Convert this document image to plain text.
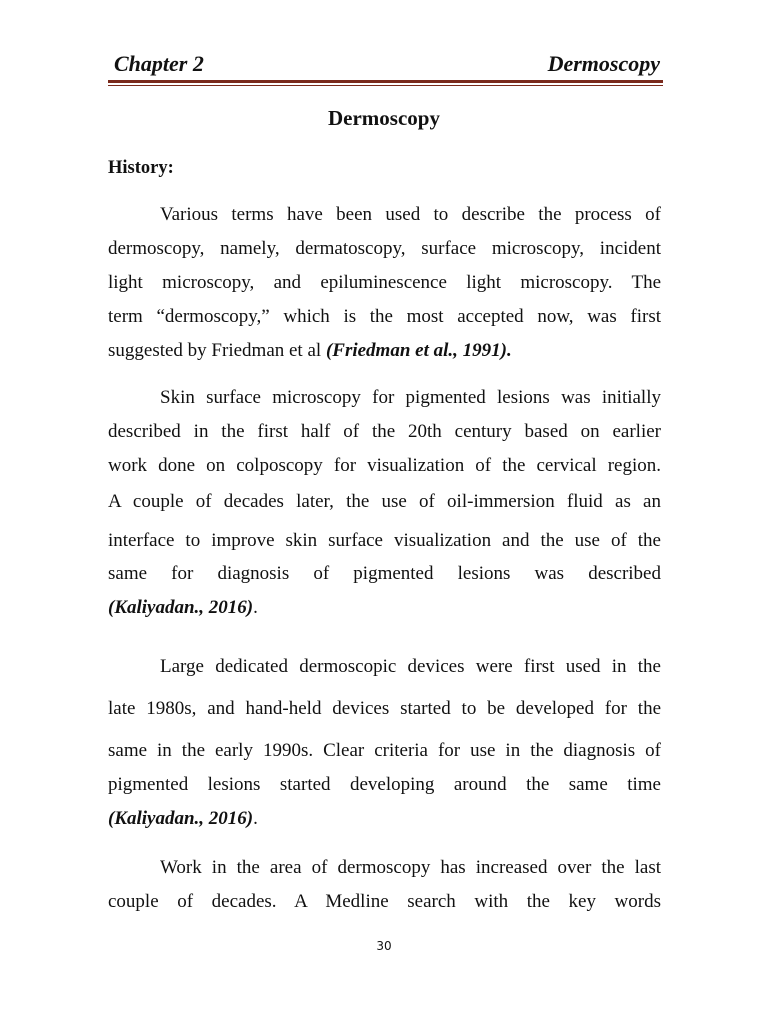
Chapter 2	Dermoscopy
Dermoscopy
History:
Various terms have been used to describe the process of
dermoscopy, namely, dermatoscopy, surface microscopy, incident
light microscopy, and epiluminescence light microscopy. The
term “dermoscopy,” which is the most accepted now, was first
suggested by Friedman et al (Friedman et al., 1991).
Skin surface microscopy for pigmented lesions was initially
described in the first half of the 20th century based on earlier
work done on colposcopy for visualization of the cervical region.
A couple of decades later, the use of oil-immersion fluid as an
interface to improve skin surface visualization and the use of the
same for diagnosis of pigmented lesions was described
(Kaliyadan., 2016).
Large dedicated dermoscopic devices were first used in the
late 1980s, and hand-held devices started to be developed for the
same in the early 1990s. Clear criteria for use in the diagnosis of
pigmented lesions started developing around the same time
(Kaliyadan., 2016).
Work in the area of dermoscopy has increased over the last
couple of decades. A Medline search with the key words
30
